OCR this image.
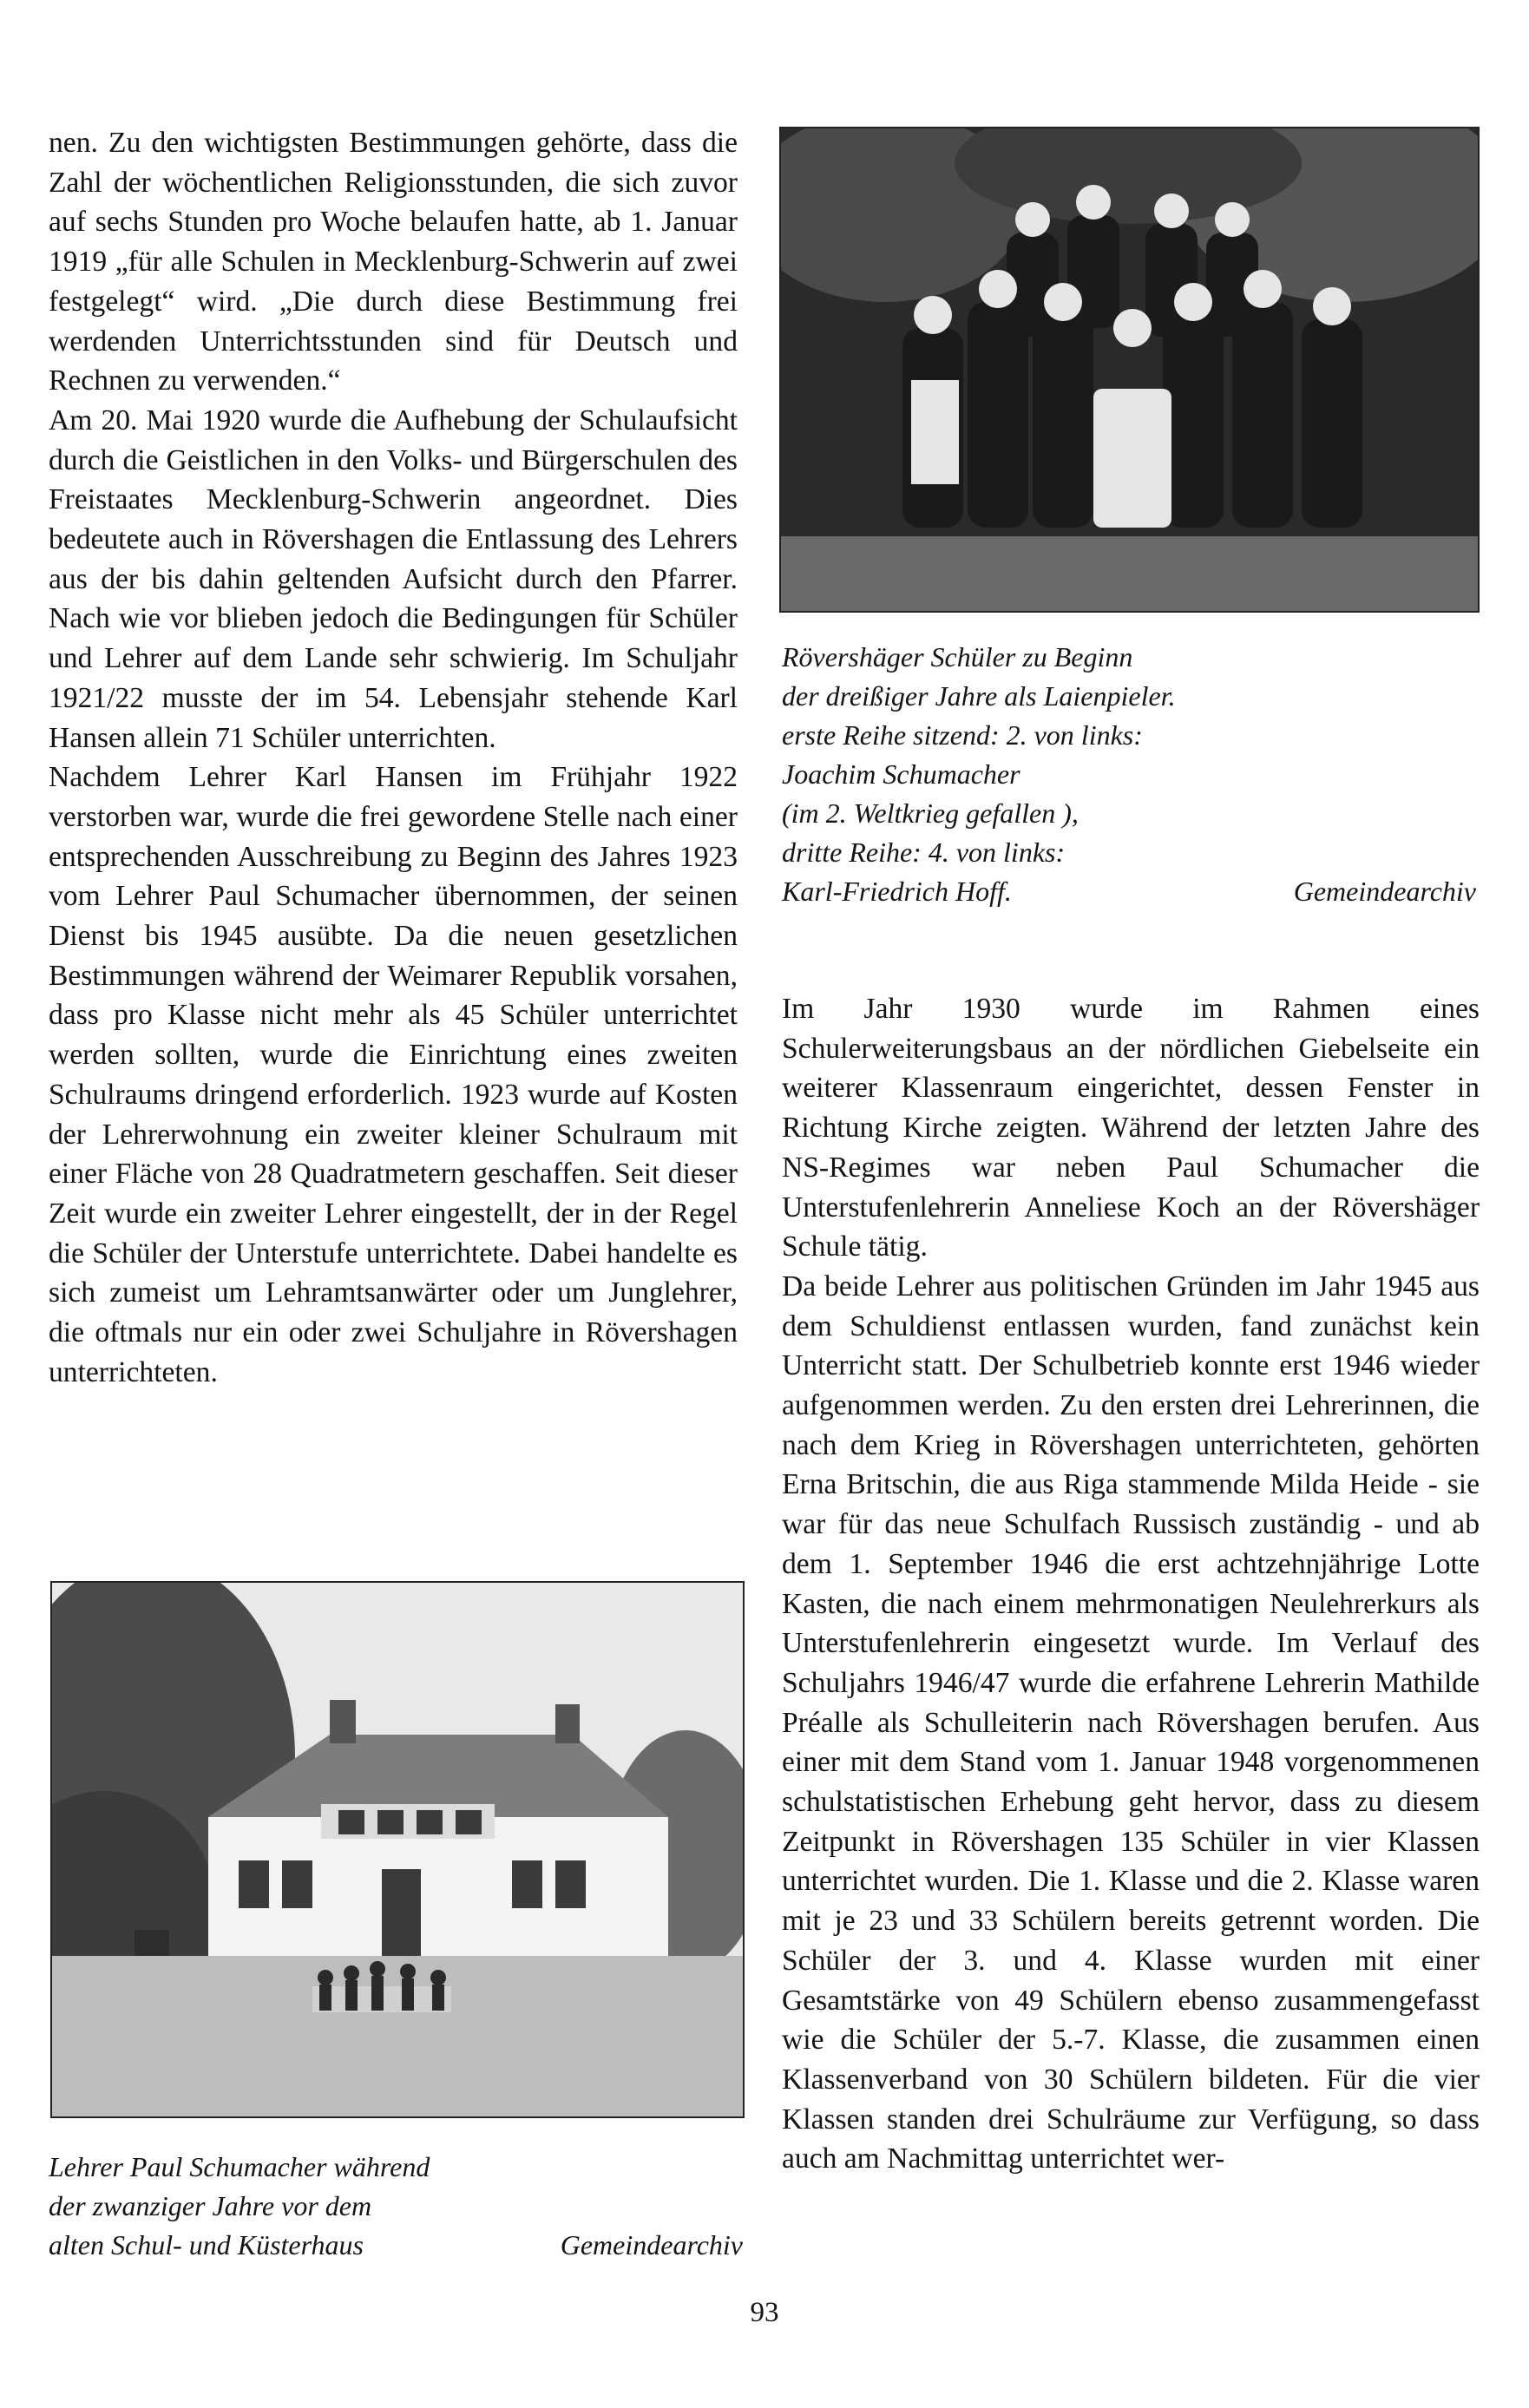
nen. Zu den wichtigsten Bestimmungen gehörte, dass die Zahl der wöchentlichen Religionsstunden, die sich zuvor auf sechs Stunden pro Woche belaufen hatte, ab 1. Januar 1919 „für alle Schulen in Mecklenburg-Schwerin auf zwei festgelegt“ wird. „Die durch diese Bestimmung frei werdenden Unterrichtsstunden sind für Deutsch und Rechnen zu verwenden.“

Am 20. Mai 1920 wurde die Aufhebung der Schulaufsicht durch die Geistlichen in den Volks- und Bürgerschulen des Freistaates Mecklenburg-Schwerin angeordnet. Dies bedeutete auch in Rövershagen die Entlassung des Lehrers aus der bis dahin geltenden Aufsicht durch den Pfarrer. Nach wie vor blieben jedoch die Bedingungen für Schüler und Lehrer auf dem Lande sehr schwierig. Im Schuljahr 1921/22 musste der im 54. Lebensjahr stehende Karl Hansen allein 71 Schüler unterrichten.

Nachdem Lehrer Karl Hansen im Frühjahr 1922 verstorben war, wurde die frei gewordene Stelle nach einer entsprechenden Ausschreibung zu Beginn des Jahres 1923 vom Lehrer Paul Schumacher übernommen, der seinen Dienst bis 1945 ausübte. Da die neuen gesetzlichen Bestimmungen während der Weimarer Republik vorsahen, dass pro Klasse nicht mehr als 45 Schüler unterrichtet werden sollten, wurde die Einrichtung eines zweiten Schulraums dringend erforderlich. 1923 wurde auf Kosten der Lehrerwohnung ein zweiter kleiner Schulraum mit einer Fläche von 28 Quadratmetern geschaffen. Seit dieser Zeit wurde ein zweiter Lehrer eingestellt, der in der Regel die Schüler der Unterstufe unterrichtete. Dabei handelte es sich zumeist um Lehramtsanwärter oder um Junglehrer, die oftmals nur ein oder zwei Schuljahre in Rövershagen unterrichteten.

Rövershäger Schüler zu Beginn
der dreißiger Jahre als Laienpieler.
erste Reihe sitzend: 2. von links:
Joachim Schumacher
(im 2. Weltkrieg gefallen ),
dritte Reihe: 4. von links:
Karl-Friedrich Hoff.	Gemeindearchiv

Im Jahr 1930 wurde im Rahmen eines Schulerweiterungsbaus an der nördlichen Giebelseite ein weiterer Klassenraum eingerichtet, dessen Fenster in Richtung Kirche zeigten. Während der letzten Jahre des NS-Regimes war neben Paul Schumacher die Unterstufenlehrerin Anneliese Koch an der Rövershäger Schule tätig.

Da beide Lehrer aus politischen Gründen im Jahr 1945 aus dem Schuldienst entlassen wurden, fand zunächst kein Unterricht statt. Der Schulbetrieb konnte erst 1946 wieder aufgenommen werden. Zu den ersten drei Lehrerinnen, die nach dem Krieg in Rövershagen unterrichteten, gehörten Erna Britschin, die aus Riga stammende Milda Heide - sie war für das neue Schulfach Russisch zuständig - und ab dem 1. September 1946 die erst achtzehnjährige Lotte Kasten, die nach einem mehrmonatigen Neulehrerkurs als Unterstufenlehrerin eingesetzt wurde. Im Verlauf des Schuljahrs 1946/47 wurde die erfahrene Lehrerin Mathilde Préalle als Schulleiterin nach Rövershagen berufen. Aus einer mit dem Stand vom 1. Januar 1948 vorgenommenen schulstatistischen Erhebung geht hervor, dass zu diesem Zeitpunkt in Rövershagen 135 Schüler in vier Klassen unterrichtet wurden. Die 1. Klasse und die 2. Klasse waren mit je 23 und 33 Schülern bereits getrennt worden. Die Schüler der 3. und 4. Klasse wurden mit einer Gesamtstärke von 49 Schülern ebenso zusammengefasst wie die Schüler der 5.-7. Klasse, die zusammen einen Klassenverband von 30 Schülern bildeten. Für die vier Klassen standen drei Schulräume zur Verfügung, so dass auch am Nachmittag unterrichtet wer-

Lehrer Paul Schumacher während
der zwanziger Jahre vor dem
alten Schul- und Küsterhaus	Gemeindearchiv
93
